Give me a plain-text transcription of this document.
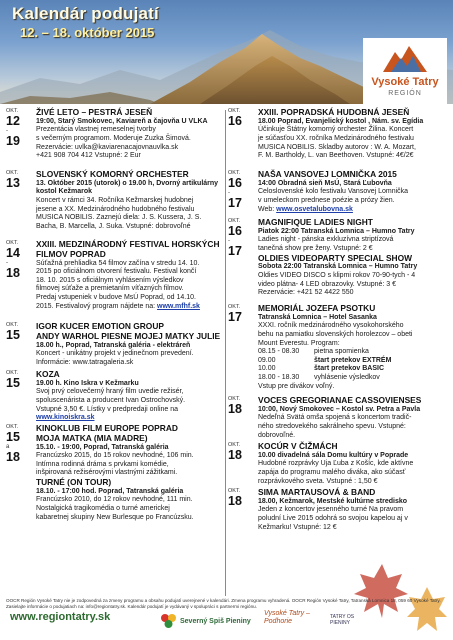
Kalendár podujatí
12. – 18. október 2015
Vysoké Tatry
REGIÓN
OKT.
12
-
19
ŽIVÉ LETO – PESTRÁ JESEŇ
19:00, Starý Smokovec, Kaviareň a čajovňa U VLKA
Prezentácia vlastnej remeselnej tvorby
s večerným programom. Moderuje Zuzka Šimová.
Rezervácie: uvlka@kaviarenacajovnauvlka.sk
+421 908 704 412 Vstupné: 2 Eur
OKT.
13
SLOVENSKÝ KOMORNÝ ORCHESTER
13. Október 2015 (utorok) o 19.00 h, Dvorný artikulárny kostol Kežmarok
Koncert v rámci 34. Ročníka Kežmarskej hudobnej
jesene a XX. Medzinárodného hudobného festivalu
MUSICA NOBILIS. Zaznejú diela: J. S. Kussera, J. S.
Bacha, B. Marcella, J. Suka. Vstupné: dobrovoľné
OKT.
14
-
18
XXIII. MEDZINÁRODNÝ FESTIVAL HORSKÝCH FILMOV POPRAD
Súťažná prehliadka 54 filmov začína v stredu 14. 10.
2015 po oficiálnom otvorení festivalu. Festival končí
18. 10. 2015 s oficiálnym vyhlásením výsledkov
filmovej súťaže a premietaním víťazných filmov.
Predaj vstupeniek v budove MsÚ Poprad, od 14.10.
2015. Festivalový program nájdete na: www.mfhf.sk
OKT.
15
IGOR KUCER EMOTION GROUP
ANDY WARHOL PIESNE MOJEJ MATKY JULIE
18.00 h., Poprad, Tatranská galéria - elektráreň
Koncert - unikátny projekt v jedinečnom prevedení.
Informácie: www.tatragaleria.sk
OKT.
15
KOZA
19.00 h. Kino Iskra v Kežmarku
Svoj prvý celovečerný hraný film uvedie režisér,
spoluscenárista a producent Ivan Ostrochovský.
Vstupné 3,50 €. Lístky v predpredaji online na
www.kinoiskra.sk
OKT.
15
a
18
KINOKLUB FILM EUROPE POPRAD
MOJA MATKA (MIA MADRE)
15.10. - 19:00, Poprad, Tatranská galéria
Francúzsko 2015, do 15 rokov nevhodné, 106 min.
Intímna rodinná dráma s prvkami komédie,
inšpirovaná režisérovými vlastnými zážitkami.
TURNÉ (ON TOUR)
18.10. - 17:00 hod. Poprad, Tatranská galéria
Francúzsko 2010, do 12 rokov nevhodné, 111 min.
Nostalgická tragikomédia o turné americkej
kabaretnej skupiny New Burlesque po Francúzsku.
OKT.
16
XXIII. POPRADSKÁ HUDOBNÁ JESEŇ
18.00 Poprad, Evanjelický kostol , Nám. sv. Egídia
Účinkuje Štátny komorný orchester Žilina. Koncert
je súčasťou XX. ročníka Medzinárodného festivalu
MUSICA NOBILIS. Skladby autorov : W. A. Mozart,
F. M. Bartholdy, L. van Beethoven. Vstupné: 4€/2€
OKT.
16
-
17
NAŠA VANSOVEJ LOMNIČKA 2015
14:00 Obradná sieň MsÚ, Stará Ľubovňa
Celoslovenské kolo festivalu Vansovej Lomnička
v umeleckom prednese poézie a prózy žien.
Web: www.osvetalubovna.sk
OKT.
16
-
17
MAGNIFIQUE LADIES NIGHT
Piatok 22:00 Tatranská Lomnica – Humno Tatry
Ladies night - pánska exkluzívna striptízová
tanečná show pre ženy. Vstupné: 2 €
OLDIES VIDEOPARTY SPECIAL SHOW
Sobota 22:00 Tatranská Lomnica – Humno Tatry
Oldies VIDEO DISCO s klipmi rokov 70-90-tych - 4
video plátna- 4 LED obrazovky. Vstupné: 3 €
Rezervácie: +421 52 4422 550
OKT.
17
MEMORIÁL JOZEFA PSOTKU
Tatranská Lomnica – Hotel Sasanka
XXXI. ročník medzinárodného vysokohorského
behu na pamiatku slovenských horolezcov – obeti
Mount Everestu. Program:
08.15 - 08.30	pietna spomienka
09.00	štart pretekov EXTRÉM
10.00	štart pretekov BASIC
18.00 - 18.30	vyhlásenie výsledkov
Vstup pre divákov voľný.
OKT.
18
VOCES GREGORIANAE CASSOVIENSES
10:00, Nový Smokovec – Kostol sv. Petra a Pavla
Nedeľná Svätá omša spojená s koncertom tradič-
ného stredovekého sakrálneho spevu. Vstupné:
dobrovoľné.
OKT.
18
KOCÚR V ČIŽMÁCH
10.00 divadelná sála Domu kultúry v Poprade
Hudobné rozprávky Uja Ľuba z Košíc, kde aktívne
zapája do programu malého diváka, ako súčasť
rozprávkového sveta. Vstupné : 1,50 €
OKT.
18
SIMA MARTAUSOVÁ & BAND
18.00, Kežmarok, Mestské kultúrne stredisko
Jeden z koncertov jesenného turné Na pravom
poludní Live 2015 odohrá so svojou kapelou aj v
Kežmarku! Vstupné: 12 €
OOCR Región Vysoké Tatry nie je zodpovedná za zmeny programu a obsahu podujatí uverejnené v kalendári. Zmena programu vyhradená. OOCR Región Vysoké Tatry, Tatranská Lomnica 18, 059 60 Vysoké Tatry.
Zasielajte informácie o podujatiach na: info@regiontatry.sk. Kalendár podujatí je vydávaný v spolupráci s partnermi regiónu.
www.regiontatry.sk	Severný Spiš Pieniny
Vysoké Tatry – Podhorie
TATRY OS PIENINY
